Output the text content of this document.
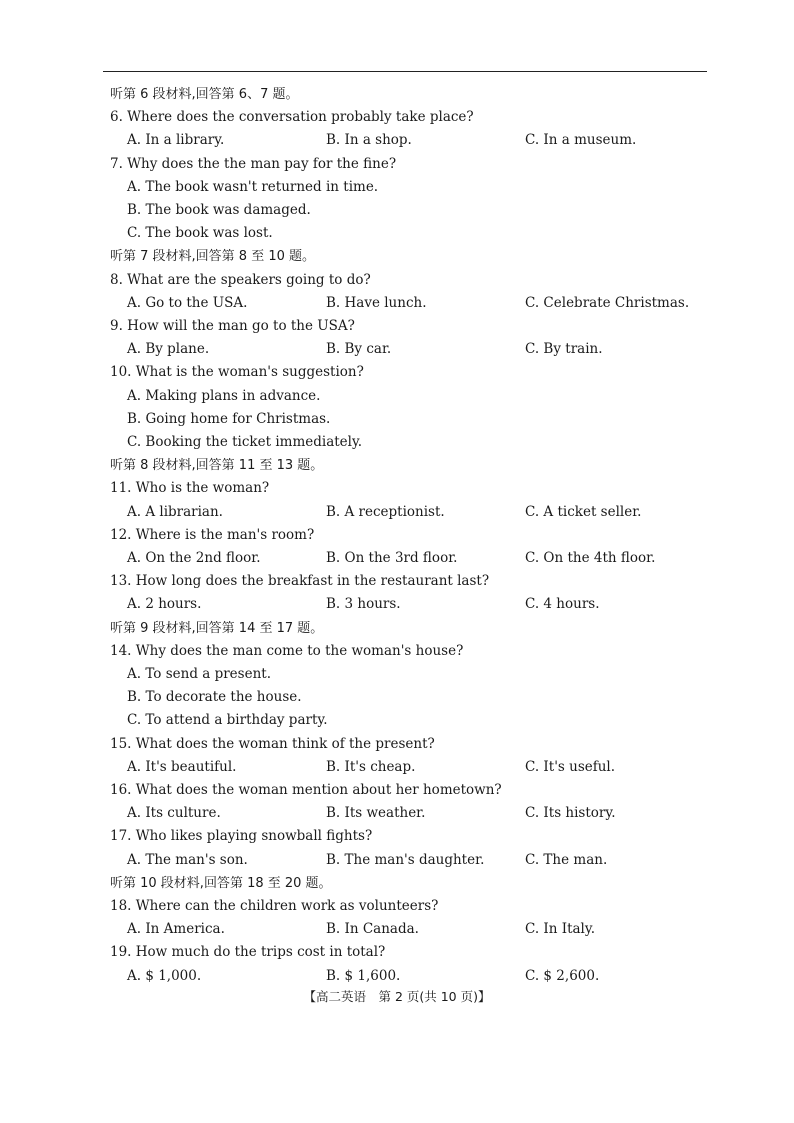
听第 6 段材料,回答第 6、7 题。
6. Where does the conversation probably take place?
A. In a library.	B. In a shop.	C. In a museum.
7. Why does the the man pay for the fine?
A. The book wasn't returned in time.
B. The book was damaged.
C. The book was lost.
听第 7 段材料,回答第 8 至 10 题。
8. What are the speakers going to do?
A. Go to the USA.	B. Have lunch.	C. Celebrate Christmas.
9. How will the man go to the USA?
A. By plane.	B. By car.	C. By train.
10. What is the woman's suggestion?
A. Making plans in advance.
B. Going home for Christmas.
C. Booking the ticket immediately.
听第 8 段材料,回答第 11 至 13 题。
11. Who is the woman?
A. A librarian.	B. A receptionist.	C. A ticket seller.
12. Where is the man's room?
A. On the 2nd floor.	B. On the 3rd floor.	C. On the 4th floor.
13. How long does the breakfast in the restaurant last?
A. 2 hours.	B. 3 hours.	C. 4 hours.
听第 9 段材料,回答第 14 至 17 题。
14. Why does the man come to the woman's house?
A. To send a present.
B. To decorate the house.
C. To attend a birthday party.
15. What does the woman think of the present?
A. It's beautiful.	B. It's cheap.	C. It's useful.
16. What does the woman mention about her hometown?
A. Its culture.	B. Its weather.	C. Its history.
17. Who likes playing snowball fights?
A. The man's son.	B. The man's daughter.	C. The man.
听第 10 段材料,回答第 18 至 20 题。
18. Where can the children work as volunteers?
A. In America.	B. In Canada.	C. In Italy.
19. How much do the trips cost in total?
A. $ 1,000.	B. $ 1,600.	C. $ 2,600.
【高二英语　第 2 页(共 10 页)】
